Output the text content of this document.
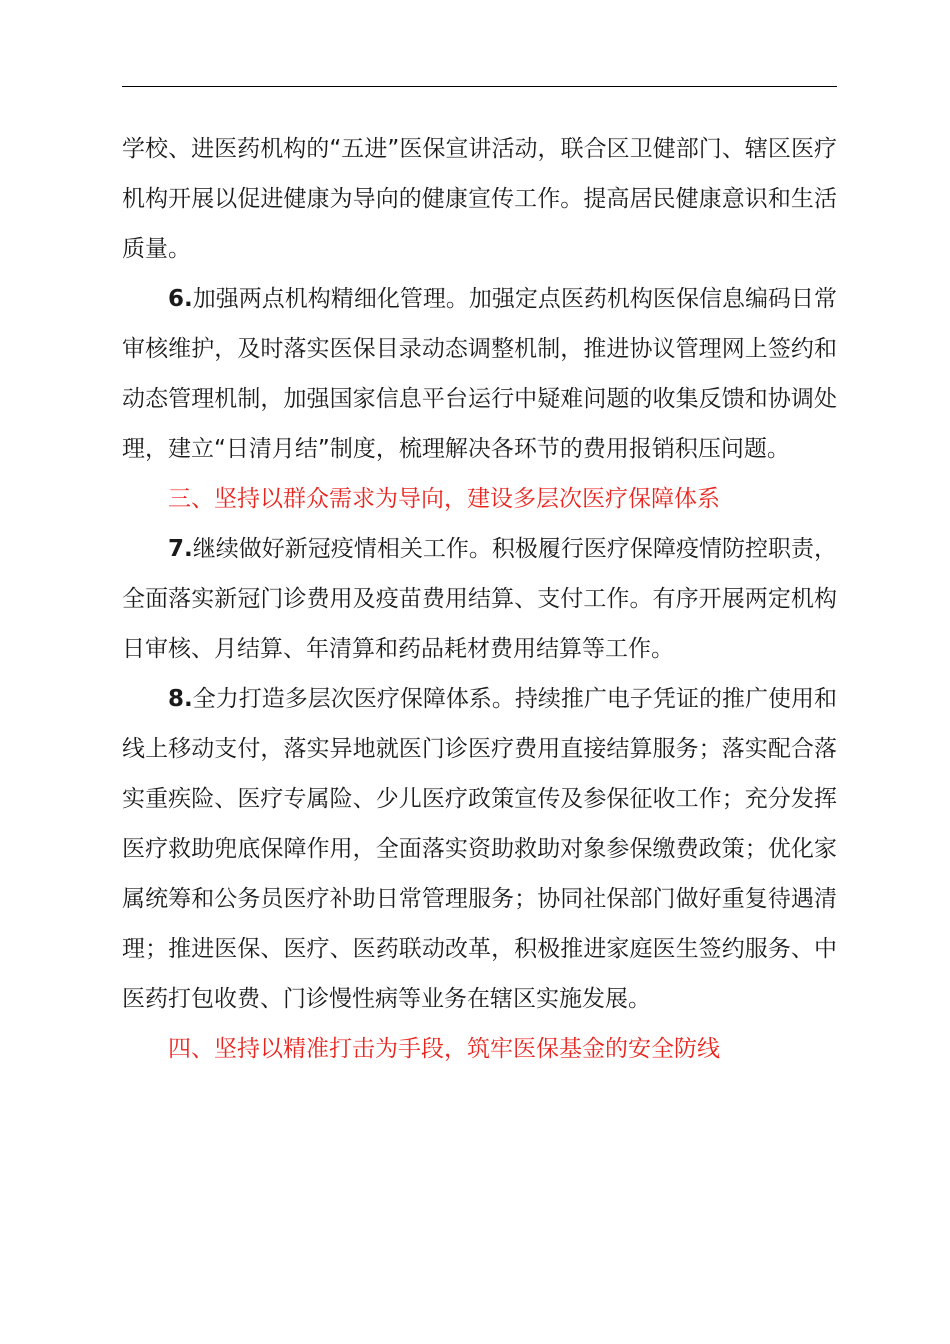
学校、进医药机构的“五进”医保宣讲活动，联合区卫健部门、辖区医疗机构开展以促进健康为导向的健康宣传工作。提高居民健康意识和生活质量。

6.加强两点机构精细化管理。加强定点医药机构医保信息编码日常审核维护，及时落实医保目录动态调整机制，推进协议管理网上签约和动态管理机制，加强国家信息平台运行中疑难问题的收集反馈和协调处理，建立“日清月结”制度，梳理解决各环节的费用报销积压问题。

三、坚持以群众需求为导向，建设多层次医疗保障体系

7.继续做好新冠疫情相关工作。积极履行医疗保障疫情防控职责，全面落实新冠门诊费用及疫苗费用结算、支付工作。有序开展两定机构日审核、月结算、年清算和药品耗材费用结算等工作。

8.全力打造多层次医疗保障体系。持续推广电子凭证的推广使用和线上移动支付，落实异地就医门诊医疗费用直接结算服务；落实配合落实重疾险、医疗专属险、少儿医疗政策宣传及参保征收工作；充分发挥医疗救助兜底保障作用，全面落实资助救助对象参保缴费政策；优化家属统筹和公务员医疗补助日常管理服务；协同社保部门做好重复待遇清理；推进医保、医疗、医药联动改革，积极推进家庭医生签约服务、中医药打包收费、门诊慢性病等业务在辖区实施发展。

四、坚持以精准打击为手段，筑牢医保基金的安全防线
